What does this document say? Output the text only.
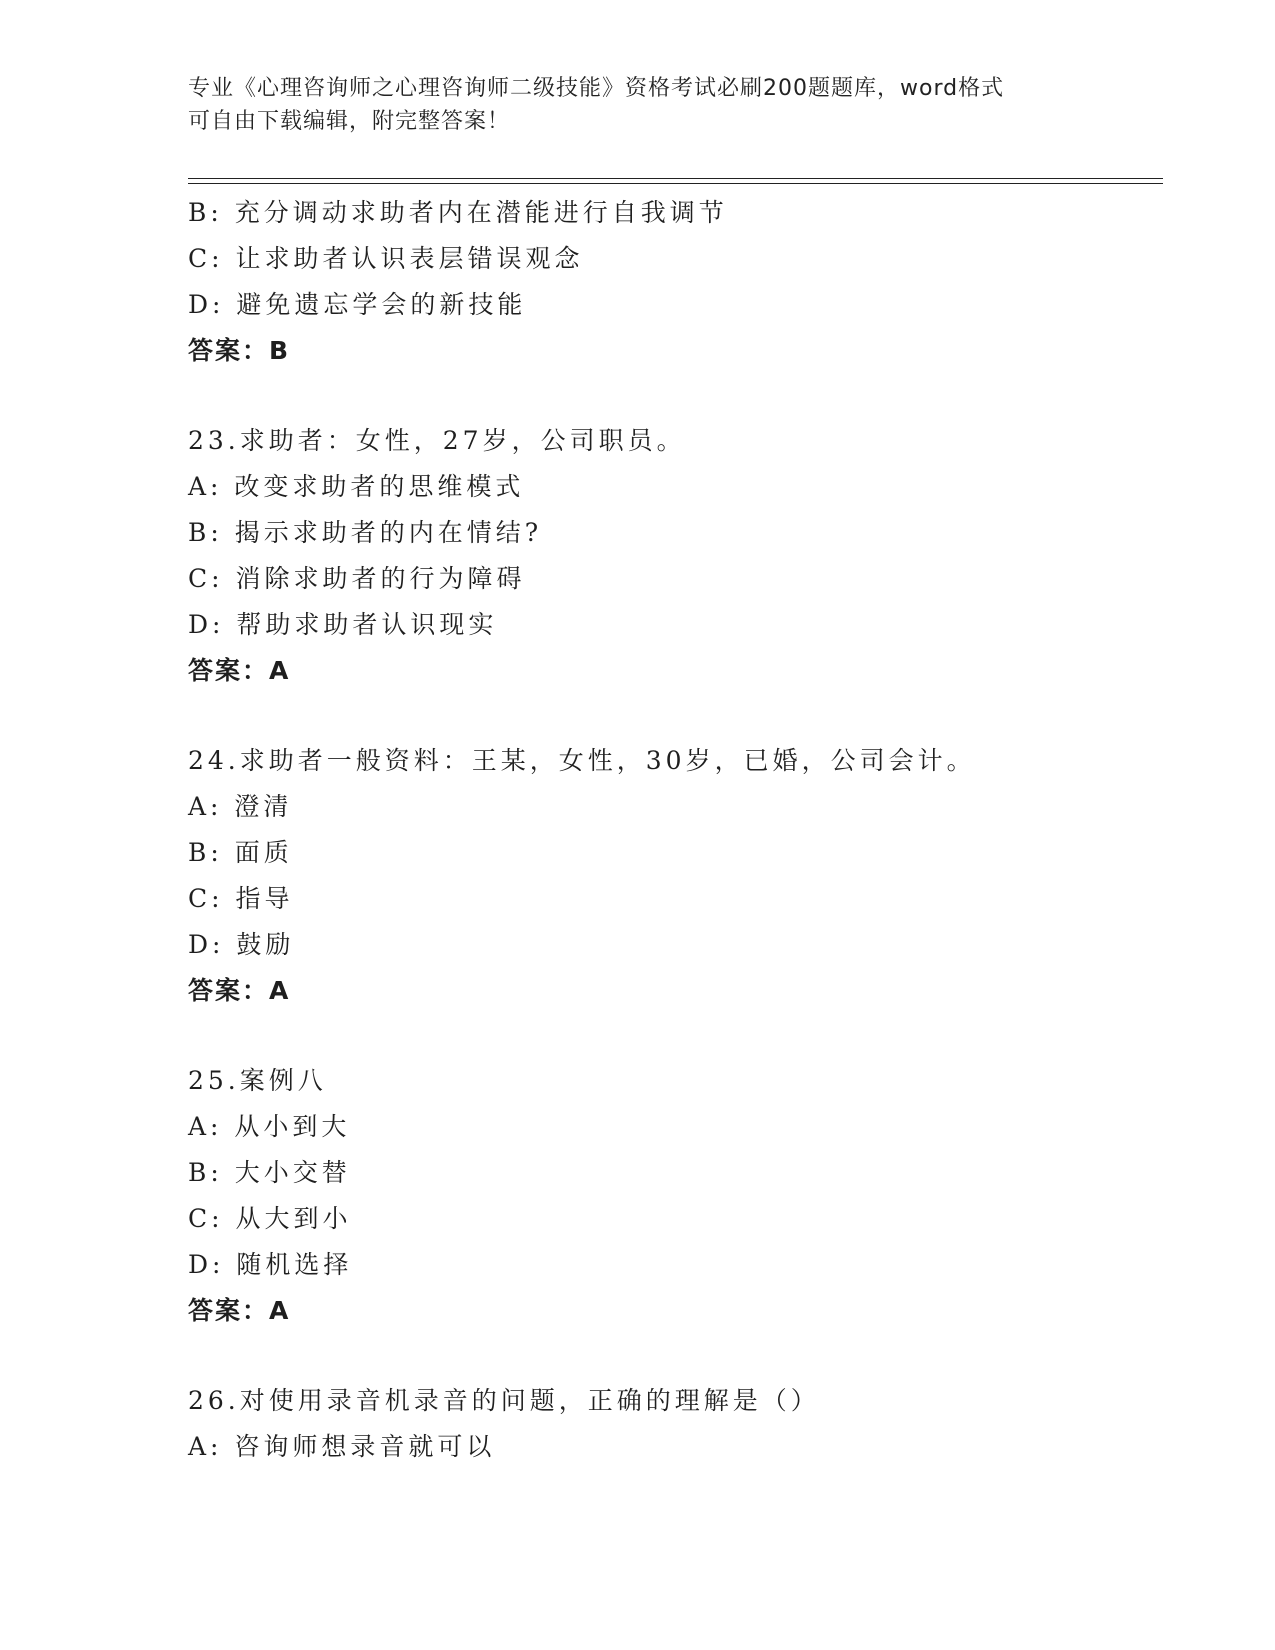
专业《心理咨询师之心理咨询师二级技能》资格考试必刷200题题库，word格式
可自由下载编辑，附完整答案！
B: 充分调动求助者内在潜能进行自我调节
C: 让求助者认识表层错误观念
D: 避免遗忘学会的新技能
答案：B
23.求助者：女性，27岁，公司职员。
A: 改变求助者的思维模式
B: 揭示求助者的内在情结?
C: 消除求助者的行为障碍
D: 帮助求助者认识现实
答案：A
24.求助者一般资料：王某，女性，30岁，已婚，公司会计。
A: 澄清
B: 面质
C: 指导
D: 鼓励
答案：A
25.案例八
A: 从小到大
B: 大小交替
C: 从大到小
D: 随机选择
答案：A
26.对使用录音机录音的问题，正确的理解是（）
A: 咨询师想录音就可以
